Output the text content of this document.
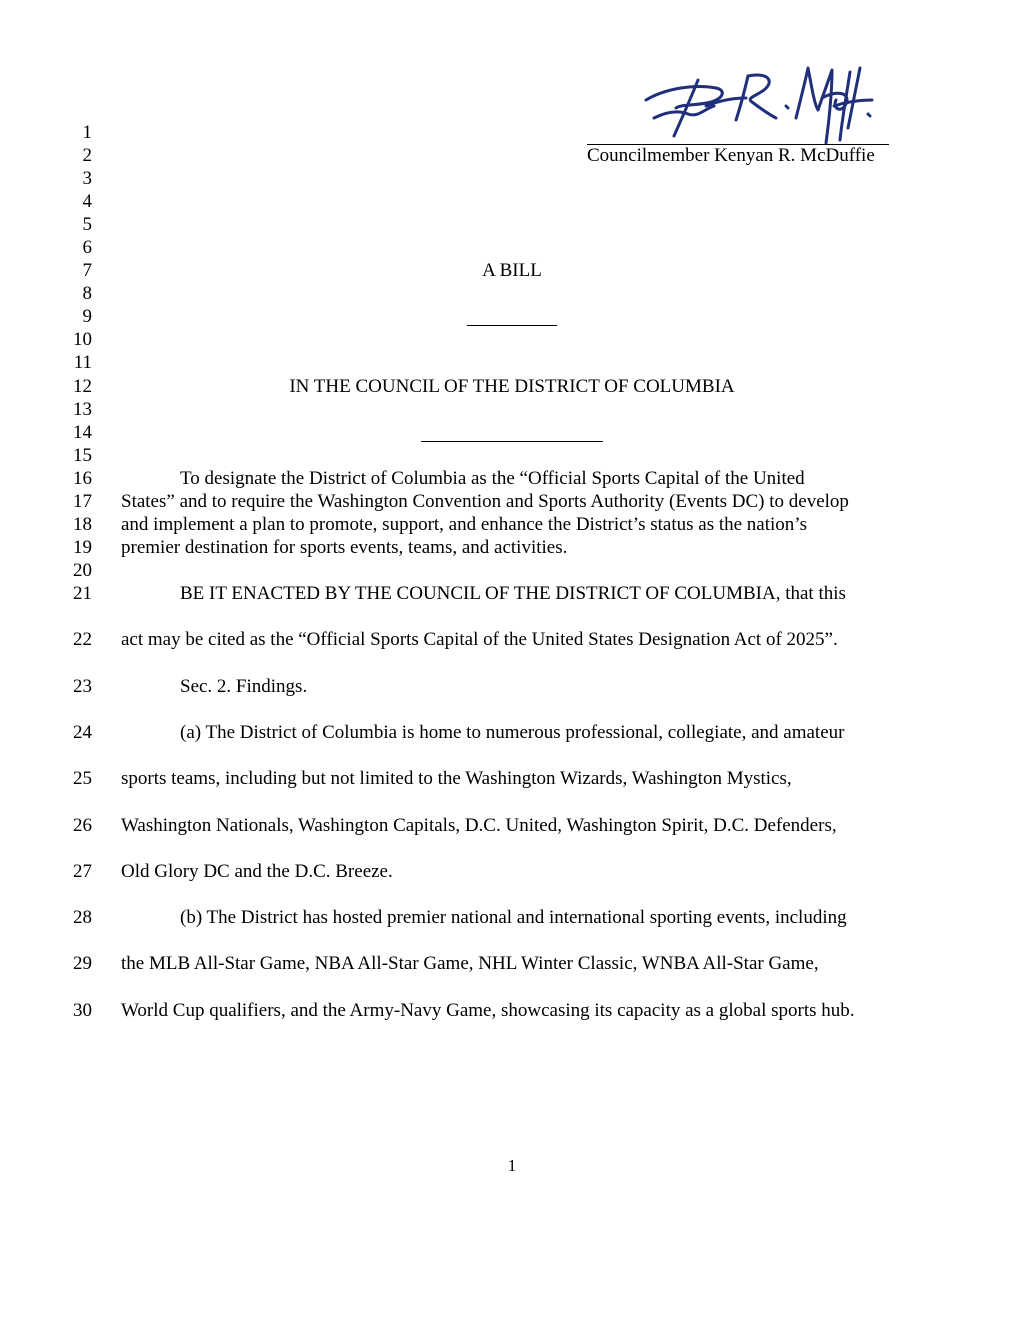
Councilmember Kenyan R. McDuffie
1
2
3
4
5
6
7
8
9
10
11
12
13
14
15
16
17
18
19
20
21
22
23
24
25
26
27
28
29
30
A BILL
IN THE COUNCIL OF THE DISTRICT OF COLUMBIA
To designate the District of Columbia as the “Official Sports Capital of the United
States” and to require the Washington Convention and Sports Authority (Events DC) to develop
and implement a plan to promote, support, and enhance the District’s status as the nation’s
premier destination for sports events, teams, and activities.
BE IT ENACTED BY THE COUNCIL OF THE DISTRICT OF COLUMBIA, that this
act may be cited as the “Official Sports Capital of the United States Designation Act of 2025”.
Sec. 2. Findings.
(a) The District of Columbia is home to numerous professional, collegiate, and amateur
sports teams, including but not limited to the Washington Wizards, Washington Mystics,
Washington Nationals, Washington Capitals, D.C. United, Washington Spirit, D.C. Defenders,
Old Glory DC and the D.C. Breeze.
(b) The District has hosted premier national and international sporting events, including
the MLB All-Star Game, NBA All-Star Game, NHL Winter Classic, WNBA All-Star Game,
World Cup qualifiers, and the Army-Navy Game, showcasing its capacity as a global sports hub.
1
